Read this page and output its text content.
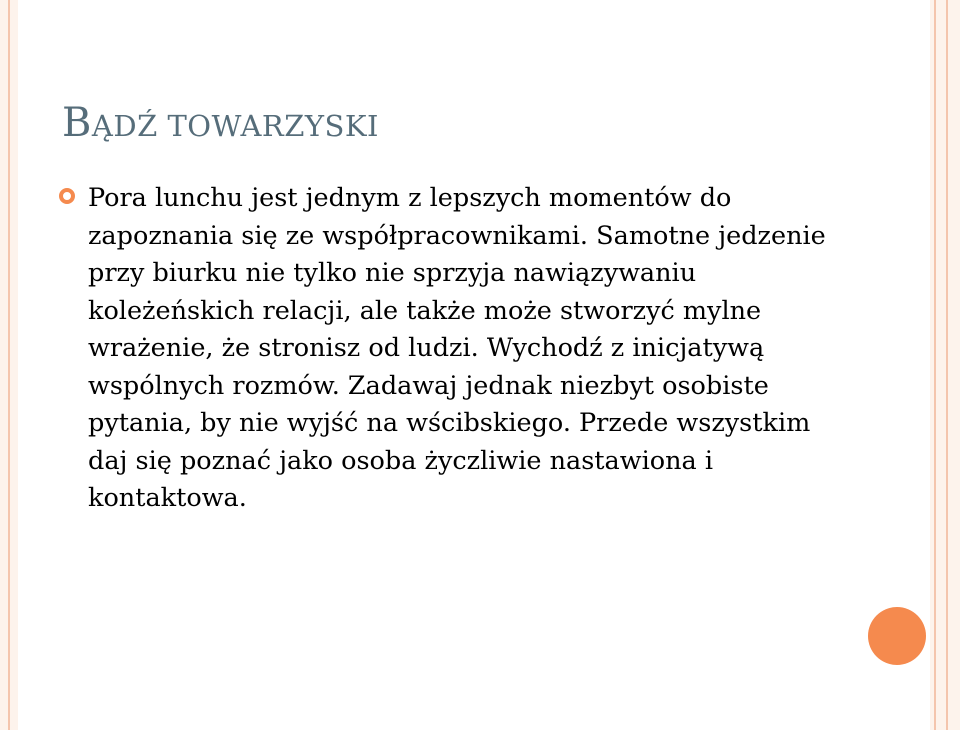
BĄDŹ TOWARZYSKI
Pora lunchu jest jednym z lepszych momentów do zapoznania się ze współpracownikami. Samotne jedzenie przy biurku nie tylko nie sprzyja nawiązywaniu koleżeńskich relacji, ale także może stworzyć mylne wrażenie, że stronisz od ludzi. Wychodź z inicjatywą wspólnych rozmów. Zadawaj jednak niezbyt osobiste pytania, by nie wyjść na wścibskiego. Przede wszystkim daj się poznać jako osoba życzliwie nastawiona i kontaktowa.
